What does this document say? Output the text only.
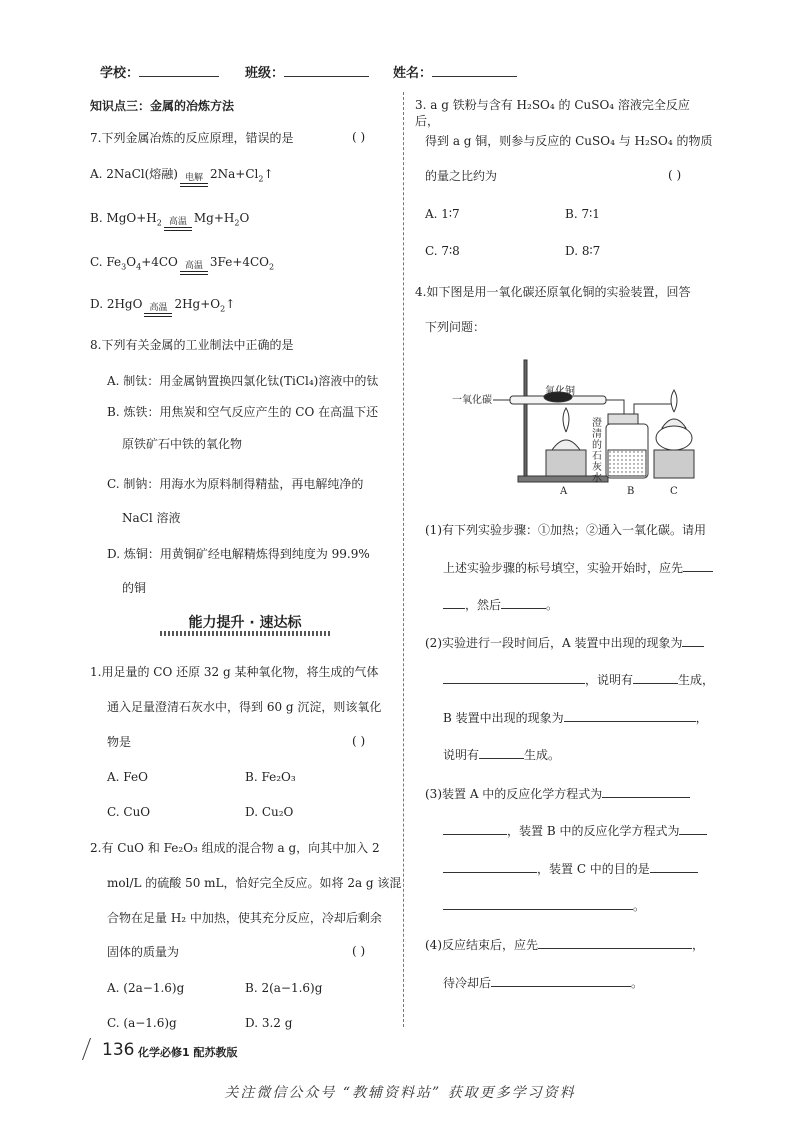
学校：	班级：	姓名：
知识点三：金属的冶炼方法
7.下列金属冶炼的反应原理，错误的是	( )
A. 2NaCl(熔融) 电解 $2Na+Cl_2↑$
B. $MgO+H_2$ 高温 $Mg+H_2O$
C. $Fe_3O_4+4CO$ 高温 $3Fe+4CO_2$
D. 2HgO 高温 $2Hg+O_2↑$
8.下列有关金属的工业制法中正确的是
A. 制钛：用金属钠置换四氯化钛(TiCl₄)溶液中的钛
B. 炼铁：用焦炭和空气反应产生的 CO 在高温下还
原铁矿石中铁的氧化物
C. 制钠：用海水为原料制得精盐，再电解纯净的
NaCl 溶液
D. 炼铜：用黄铜矿经电解精炼得到纯度为 99.9%
的铜
能力提升 · 速达标
1.用足量的 CO 还原 32 g 某种氧化物，将生成的气体
通入足量澄清石灰水中，得到 60 g 沉淀，则该氧化
物是	( )
A. FeO	B. Fe₂O₃
C. CuO	D. Cu₂O
2.有 CuO 和 Fe₂O₃ 组成的混合物 a g，向其中加入 2
mol/L 的硫酸 50 mL，恰好完全反应。如将 2a g 该混
合物在足量 H₂ 中加热，使其充分反应，冷却后剩余
固体的质量为	( )
A. (2a−1.6)g	B. 2(a−1.6)g
C. (a−1.6)g	D. 3.2 g
3. a g 铁粉与含有 H₂SO₄ 的 CuSO₄ 溶液完全反应后，
得到 a g 铜，则参与反应的 CuSO₄ 与 H₂SO₄ 的物质
的量之比约为	( )
A. 1∶7	B. 7∶1
C. 7∶8	D. 8∶7
4.如下图是用一氧化碳还原氧化铜的实验装置，回答
下列问题：
一氧化碳
氧化铜
澄清的石灰水
A	B	C
(1)有下列实验步骤：①加热；②通入一氧化碳。请用
上述实验步骤的标号填空，实验开始时，应先
，然后	。
(2)实验进行一段时间后，A 装置中出现的现象为
，说明有	生成，
B 装置中出现的现象为	，
说明有	生成。
(3)装置 A 中的反应化学方程式为
，装置 B 中的反应化学方程式为
，装置 C 中的目的是
。
(4)反应结束后，应先	，
待冷却后	。
136 化学必修1 配苏教版
关注微信公众号 “教辅资料站” 获取更多学习资料
